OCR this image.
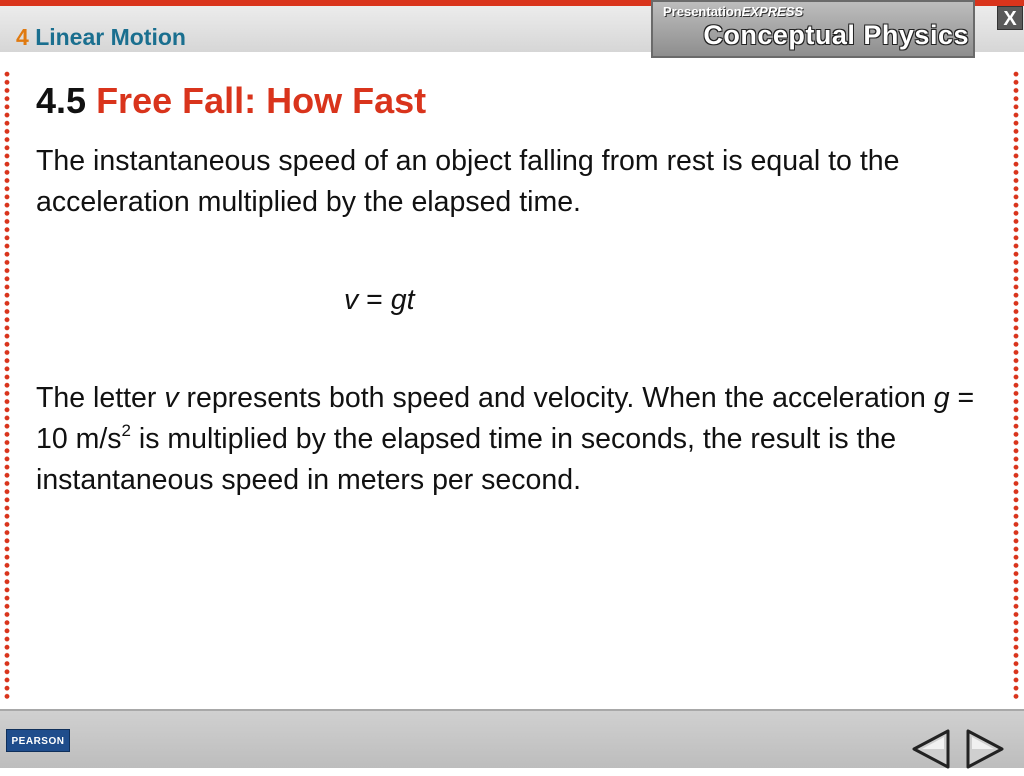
4 Linear Motion
PresentationEXPRESS
Conceptual Physics
X
4.5 Free Fall: How Fast
The instantaneous speed of an object falling from rest is equal to the acceleration multiplied by the elapsed time.
v = gt
The letter v represents both speed and velocity. When the acceleration g = 10 $m/s^2$ is multiplied by the elapsed time in seconds, the result is the instantaneous speed in meters per second.
PEARSON
